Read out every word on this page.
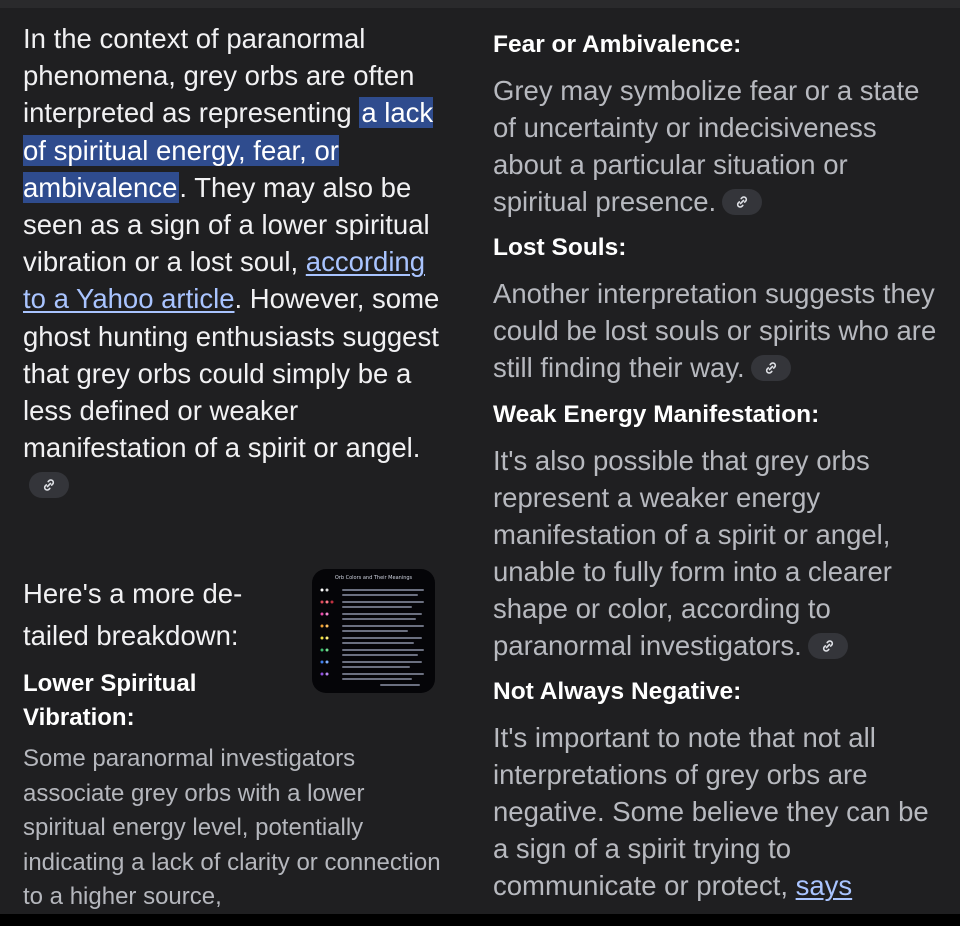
In the context of paranormal phenomena, grey orbs are often interpreted as representing a lack of spiritual energy, fear, or ambivalence. They may also be seen as a sign of a lower spiritual vibration or a lost soul, according to a Yahoo article. However, some ghost hunting enthusiasts suggest that grey orbs could simply be a less defined or weaker manifestation of a spirit or angel.

Here's a more de-tailed breakdown:

Orb Colors and Their Meanings
Lower Spiritual Vibration:

Some paranormal investigators associate grey orbs with a lower spiritual energy level, potentially indicating a lack of clarity or connection to a higher source,

Fear or Ambivalence:
Grey may symbolize fear or a state of uncertainty or indecisiveness about a particular situation or spiritual presence.
Lost Souls:
Another interpretation suggests they could be lost souls or spirits who are still finding their way.
Weak Energy Manifestation:
It's also possible that grey orbs represent a weaker energy manifestation of a spirit or angel, unable to fully form into a clearer shape or color, according to paranormal investigators.
Not Always Negative:
It's important to note that not all interpretations of grey orbs are negative. Some believe they can be a sign of a spirit trying to communicate or protect, says
